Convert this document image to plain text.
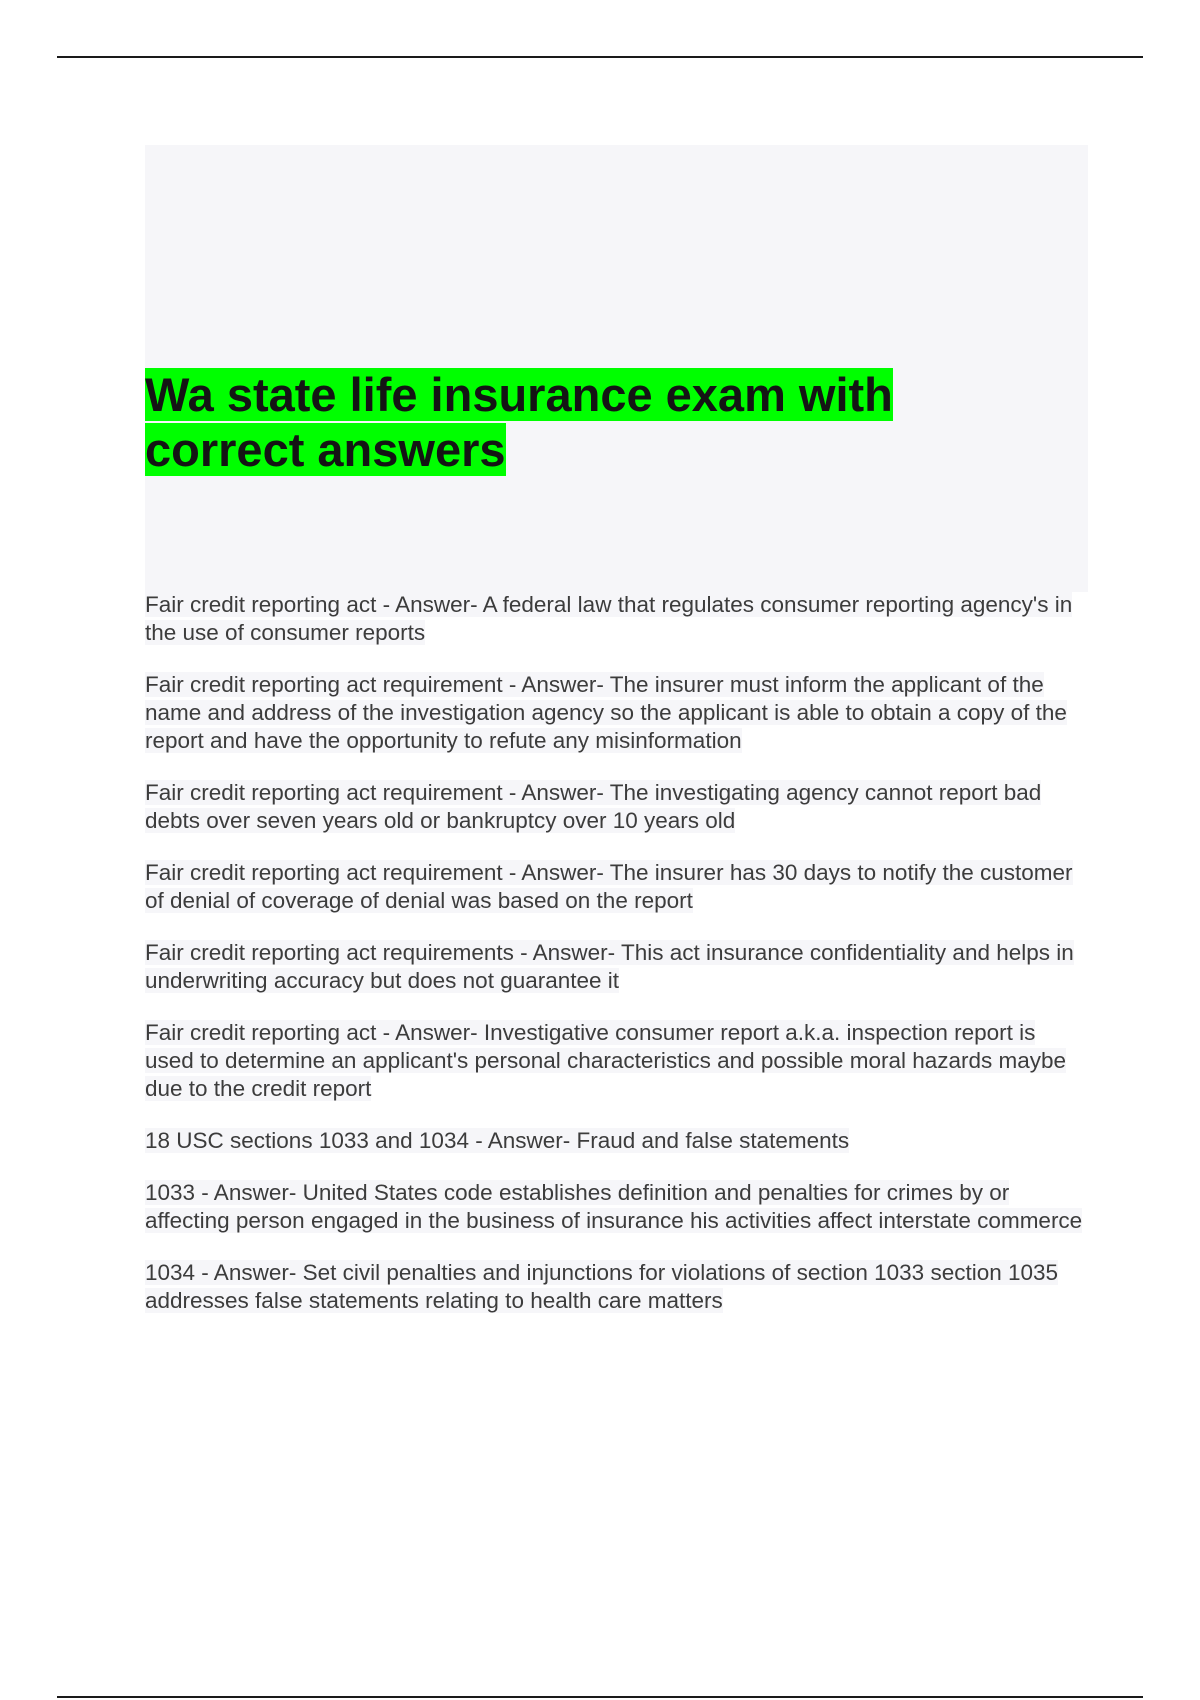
Wa state life insurance exam with correct answers
Fair credit reporting act - Answer- A federal law that regulates consumer reporting agency's in the use of consumer reports
Fair credit reporting act requirement - Answer- The insurer must inform the applicant of the name and address of the investigation agency so the applicant is able to obtain a copy of the report and have the opportunity to refute any misinformation
Fair credit reporting act requirement - Answer- The investigating agency cannot report bad debts over seven years old or bankruptcy over 10 years old
Fair credit reporting act requirement - Answer- The insurer has 30 days to notify the customer of denial of coverage of denial was based on the report
Fair credit reporting act requirements - Answer- This act insurance confidentiality and helps in underwriting accuracy but does not guarantee it
Fair credit reporting act - Answer- Investigative consumer report a.k.a. inspection report is used to determine an applicant's personal characteristics and possible moral hazards maybe due to the credit report
18 USC sections 1033 and 1034 - Answer- Fraud and false statements
1033 - Answer- United States code establishes definition and penalties for crimes by or affecting person engaged in the business of insurance his activities affect interstate commerce
1034 - Answer- Set civil penalties and injunctions for violations of section 1033 section 1035 addresses false statements relating to health care matters
